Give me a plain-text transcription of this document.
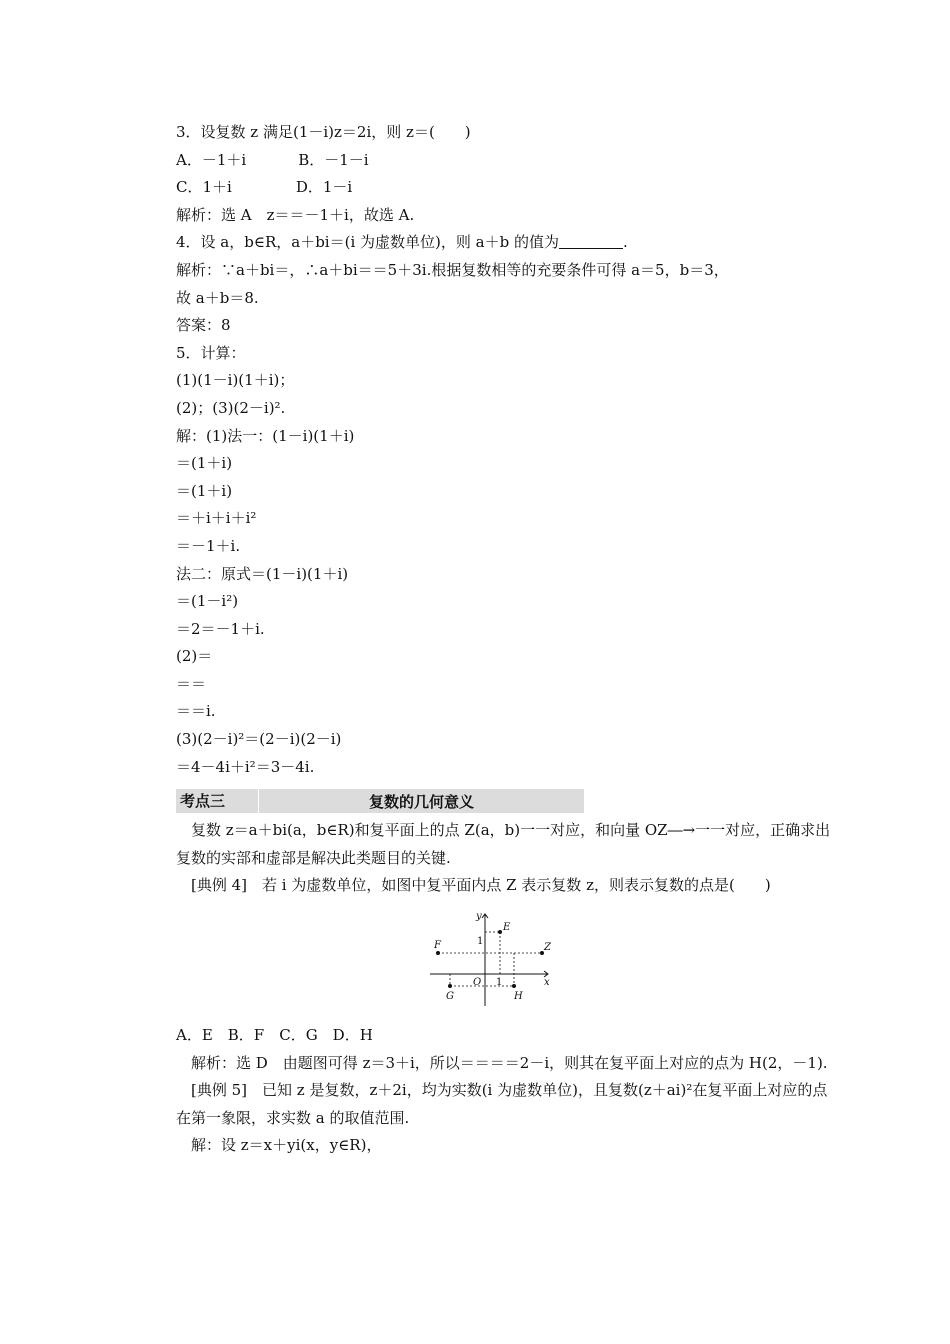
3．设复数 z 满足(1－i)z＝2i，则 z＝(　　)
A．－1＋i	B．－1－i
C．1＋i	D．1－i
解析：选 A　z＝＝－1＋i，故选 A.
4．设 a，b∈R，a＋bi＝(i 为虚数单位)，则 a＋b 的值为	.
解析：∵a＋bi＝，∴a＋bi＝＝5＋3i.根据复数相等的充要条件可得 a＝5，b＝3，
故 a＋b＝8.
答案：8
5．计算：
(1)(1－i)(1＋i)；
(2)；(3)(2－i)².
解：(1)法一：(1－i)(1＋i)
＝(1＋i)
＝(1＋i)
＝＋i＋i＋i²
＝－1＋i.
法二：原式＝(1－i)(1＋i)
＝(1－i²)
＝2＝－1＋i.
(2)＝
＝＝
＝＝i.
(3)(2－i)²＝(2－i)(2－i)
＝4－4i＋i²＝3－4i.
考点三	复数的几何意义
复数 z＝a＋bi(a，b∈R)和复平面上的点 Z(a，b)一一对应，和向量 OZ―→一一对应，正确求出复数的实部和虚部是解决此类题目的关键.
[典例 4]　若 i 为虚数单位，如图中复平面内点 Z 表示复数 z，则表示复数的点是(　　)
y
x
O
E
F	Z
G	H
1
1
A．E　B．F　C．G　D．H
解析：选 D　由题图可得 z＝3＋i，所以＝＝＝＝2－i，则其在复平面上对应的点为 H(2，－1).
[典例 5]　已知 z 是复数，z＋2i，均为实数(i 为虚数单位)，且复数(z＋ai)²在复平面上对应的点在第一象限，求实数 a 的取值范围.
解：设 z＝x＋yi(x，y∈R)，
